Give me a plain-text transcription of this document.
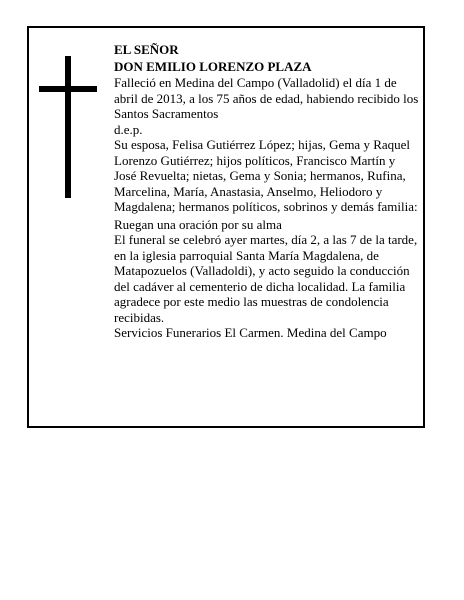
EL SEÑOR

DON EMILIO LORENZO PLAZA

Falleció en Medina del Campo (Valladolid) el día 1 de abril de 2013, a los 75 años de edad, habiendo recibido los Santos Sacramentos

d.e.p.

Su esposa, Felisa Gutiérrez López; hijas, Gema y Raquel Lorenzo Gutiérrez; hijos políticos, Francisco Martín y José Revuelta; nietas, Gema y Sonia; hermanos, Rufina, Marcelina, María, Anastasia, Anselmo, Heliodoro y Magdalena; hermanos políticos, sobrinos y demás familia:

Ruegan una oración por su alma

El funeral se celebró ayer martes, día 2, a las 7 de la tarde, en la iglesia parroquial Santa María Magdalena, de Matapozuelos (Valladoldi), y acto seguido la conducción del cadáver al cementerio de dicha localidad. La familia agradece por este medio las muestras de condolencia recibidas.

Servicios Funerarios El Carmen. Medina del Campo
